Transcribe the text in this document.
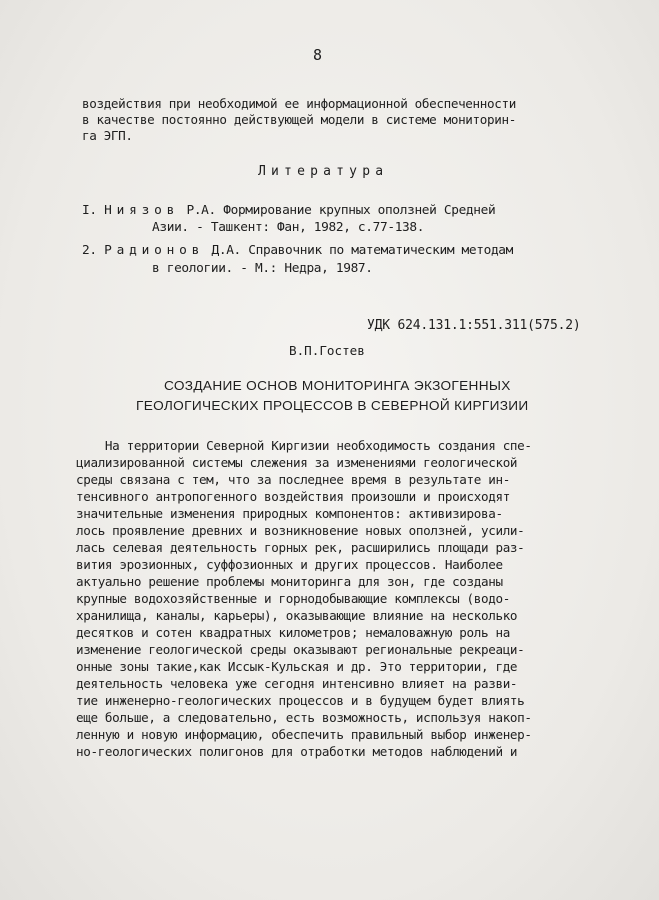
8
воздействия при необходимой ее информационной обеспеченности
в качестве постоянно действующей модели в системе мониторин-
га ЭГП.
Литература
I. Ниязов Р.А. Формирование крупных оползней Средней
Азии. - Ташкент: Фан, 1982, с.77-138.
2. Радионов Д.А. Справочник по математическим методам
в геологии. - М.: Недра, 1987.
УДК 624.131.1:551.311(575.2)
В.П.Гостев
СОЗДАНИЕ ОСНОВ МОНИТОРИНГА ЭКЗОГЕННЫХ
ГЕОЛОГИЧЕСКИХ ПРОЦЕССОВ В СЕВЕРНОЙ КИРГИЗИИ
На территории Северной Киргизии необходимость создания спе-
циализированной системы слежения за изменениями геологической
среды связана с тем, что за последнее время в результате ин-
тенсивного антропогенного воздействия произошли и происходят
значительные изменения природных компонентов: активизирова-
лось проявление древних и возникновение новых оползней, усили-
лась селевая деятельность горных рек, расширились площади раз-
вития эрозионных, суффозионных и других процессов. Наиболее
актуально решение проблемы мониторинга для зон, где созданы
крупные водохозяйственные и горнодобывающие комплексы (водо-
хранилища, каналы, карьеры), оказывающие влияние на несколько
десятков и сотен квадратных километров; немаловажную роль на
изменение геологической среды оказывают региональные рекреаци-
онные зоны такие,как Иссык-Кульская и др. Это территории, где
деятельность человека уже сегодня интенсивно влияет на разви-
тие инженерно-геологических процессов и в будущем будет влиять
еще больше, а следовательно, есть возможность, используя накоп-
ленную и новую информацию, обеспечить правильный выбор инженер-
но-геологических полигонов для отработки методов наблюдений и
